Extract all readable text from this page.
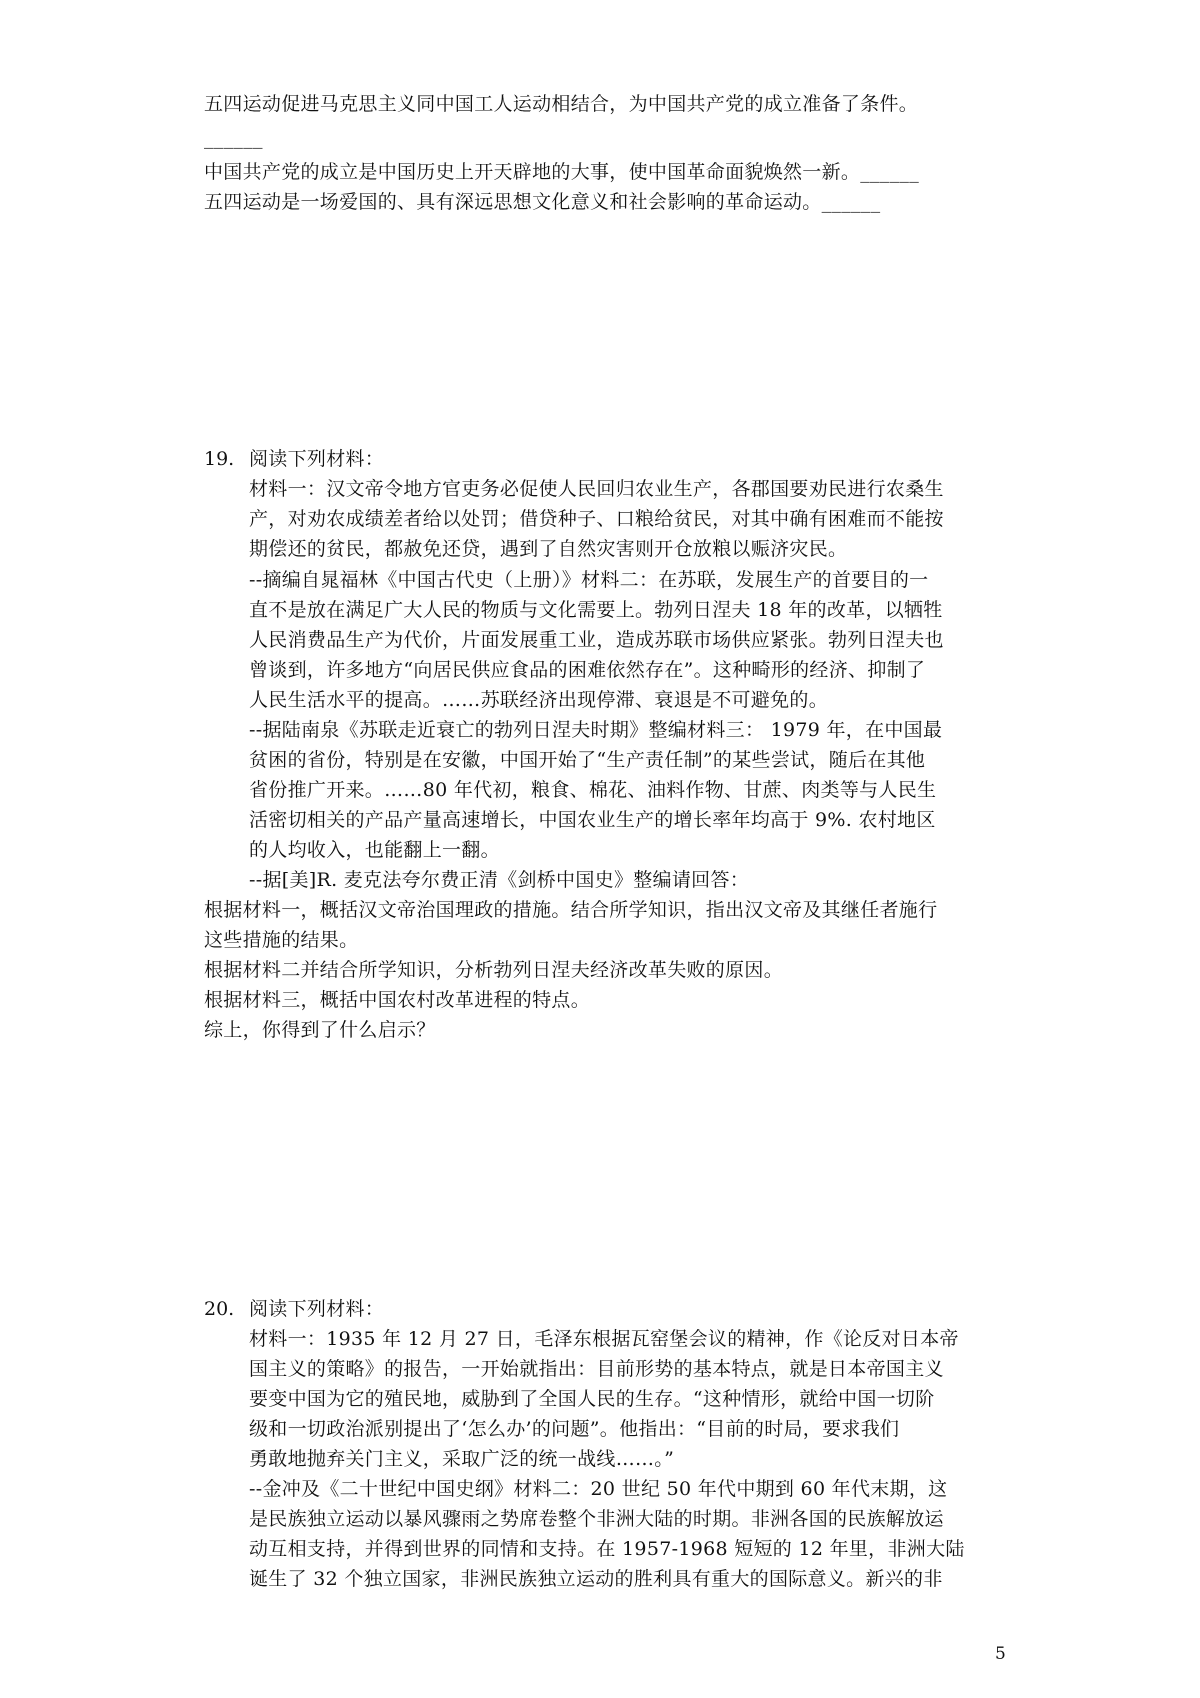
五四运动促进马克思主义同中国工人运动相结合，为中国共产党的成立准备了条件。
______
中国共产党的成立是中国历史上开天辟地的大事，使中国革命面貌焕然一新。______
五四运动是一场爱国的、具有深远思想文化意义和社会影响的革命运动。______
19. 阅读下列材料：
材料一：汉文帝令地方官吏务必促使人民回归农业生产，各郡国要劝民进行农桑生
产，对劝农成绩差者给以处罚；借贷种子、口粮给贫民，对其中确有困难而不能按
期偿还的贫民，都赦免还贷，遇到了自然灾害则开仓放粮以赈济灾民。
--摘编自晁福林《中国古代史（上册）》材料二：在苏联，发展生产的首要目的一
直不是放在满足广大人民的物质与文化需要上。勃列日涅夫 18 年的改革，以牺牲
人民消费品生产为代价，片面发展重工业，造成苏联市场供应紧张。勃列日涅夫也
曾谈到，许多地方“向居民供应食品的困难依然存在”。这种畸形的经济、抑制了
人民生活水平的提高。……苏联经济出现停滞、衰退是不可避免的。
--据陆南泉《苏联走近衰亡的勃列日涅夫时期》整编材料三： 1979 年，在中国最
贫困的省份，特别是在安徽，中国开始了“生产责任制”的某些尝试，随后在其他
省份推广开来。……80 年代初，粮食、棉花、油料作物、甘蔗、肉类等与人民生
活密切相关的产品产量高速增长，中国农业生产的增长率年均高于 9%. 农村地区
的人均收入，也能翻上一翻。
--据[美]R. 麦克法夸尔费正清《剑桥中国史》整编请回答：
根据材料一，概括汉文帝治国理政的措施。结合所学知识，指出汉文帝及其继任者施行
这些措施的结果。
根据材料二并结合所学知识，分析勃列日涅夫经济改革失败的原因。
根据材料三，概括中国农村改革进程的特点。
综上，你得到了什么启示？
20. 阅读下列材料：
材料一：1935 年 12 月 27 日，毛泽东根据瓦窑堡会议的精神，作《论反对日本帝
国主义的策略》的报告，一开始就指出：目前形势的基本特点，就是日本帝国主义
要变中国为它的殖民地，威胁到了全国人民的生存。“这种情形，就给中国一切阶
级和一切政治派别提出了‘怎么办’的问题”。他指出：“目前的时局，要求我们
勇敢地抛弃关门主义，采取广泛的统一战线……。”
--金冲及《二十世纪中国史纲》材料二：20 世纪 50 年代中期到 60 年代末期，这
是民族独立运动以暴风骤雨之势席卷整个非洲大陆的时期。非洲各国的民族解放运
动互相支持，并得到世界的同情和支持。在 1957-1968 短短的 12 年里，非洲大陆
诞生了 32 个独立国家，非洲民族独立运动的胜利具有重大的国际意义。新兴的非
5
